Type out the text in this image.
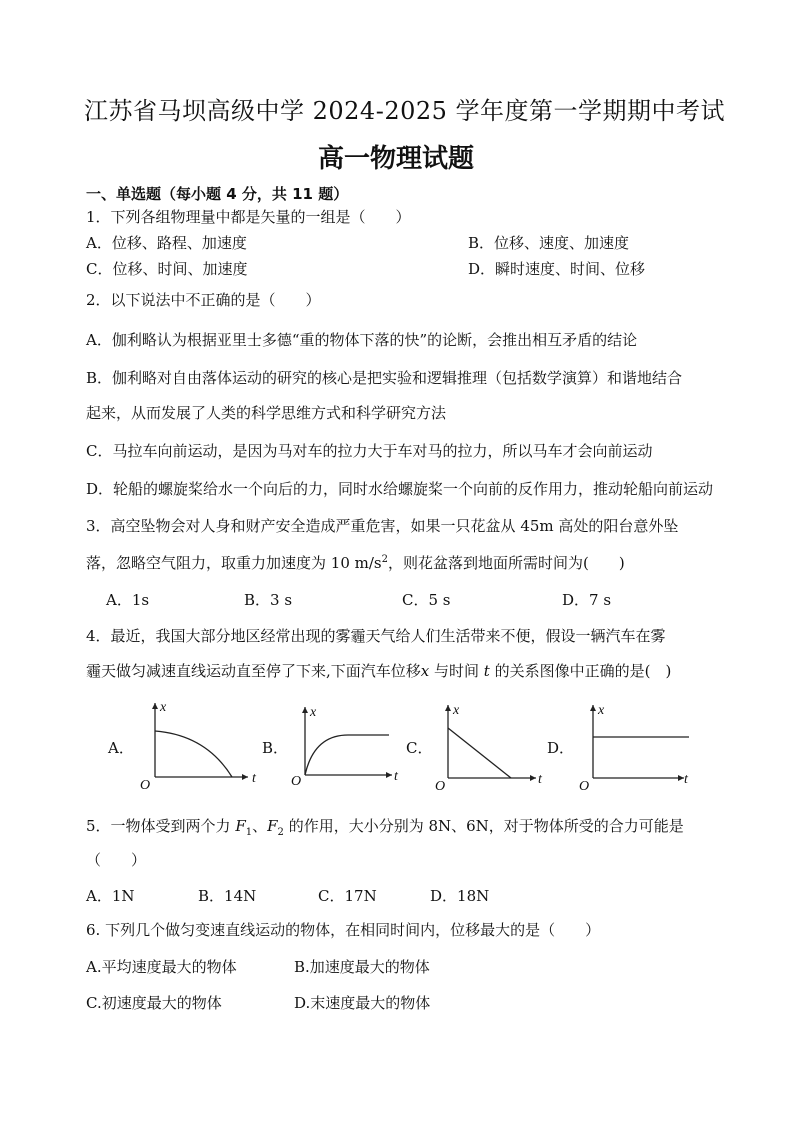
江苏省马坝高级中学 2024-2025 学年度第一学期期中考试
高一物理试题
一、单选题（每小题 4 分，共 11 题）
1．下列各组物理量中都是矢量的一组是（　　）
A．位移、路程、加速度	B．位移、速度、加速度
C．位移、时间、加速度	D．瞬时速度、时间、位移
2．以下说法中不正确的是（　　）
A．伽利略认为根据亚里士多德“重的物体下落的快”的论断，会推出相互矛盾的结论
B．伽利略对自由落体运动的研究的核心是把实验和逻辑推理（包括数学演算）和谐地结合
起来，从而发展了人类的科学思维方式和科学研究方法
C．马拉车向前运动，是因为马对车的拉力大于车对马的拉力，所以马车才会向前运动
D．轮船的螺旋桨给水一个向后的力，同时水给螺旋桨一个向前的反作用力，推动轮船向前运动
3．高空坠物会对人身和财产安全造成严重危害，如果一只花盆从 45m 高处的阳台意外坠
落，忽略空气阻力，取重力加速度为 10 $m/s^2$，则花盆落到地面所需时间为(　　)
A．1s	B．3 s	C．5 s	D．7 s
4．最近，我国大部分地区经常出现的雾霾天气给人们生活带来不便，假设一辆汽车在雾
霾天做匀减速直线运动直至停了下来,下面汽车位移x 与时间 t 的关系图像中正确的是(　)
A．
x
t
O
B．
x
t
O
C．
x
t
O
D．
x
t
O
5．一物体受到两个力 $F_1$、$F_2$ 的作用，大小分别为 8N、6N，对于物体所受的合力可能是
（　　）
A．1N	B．14N	C．17N	D．18N
6. 下列几个做匀变速直线运动的物体，在相同时间内，位移最大的是（　　）
A.平均速度最大的物体	B.加速度最大的物体
C.初速度最大的物体	D.末速度最大的物体
